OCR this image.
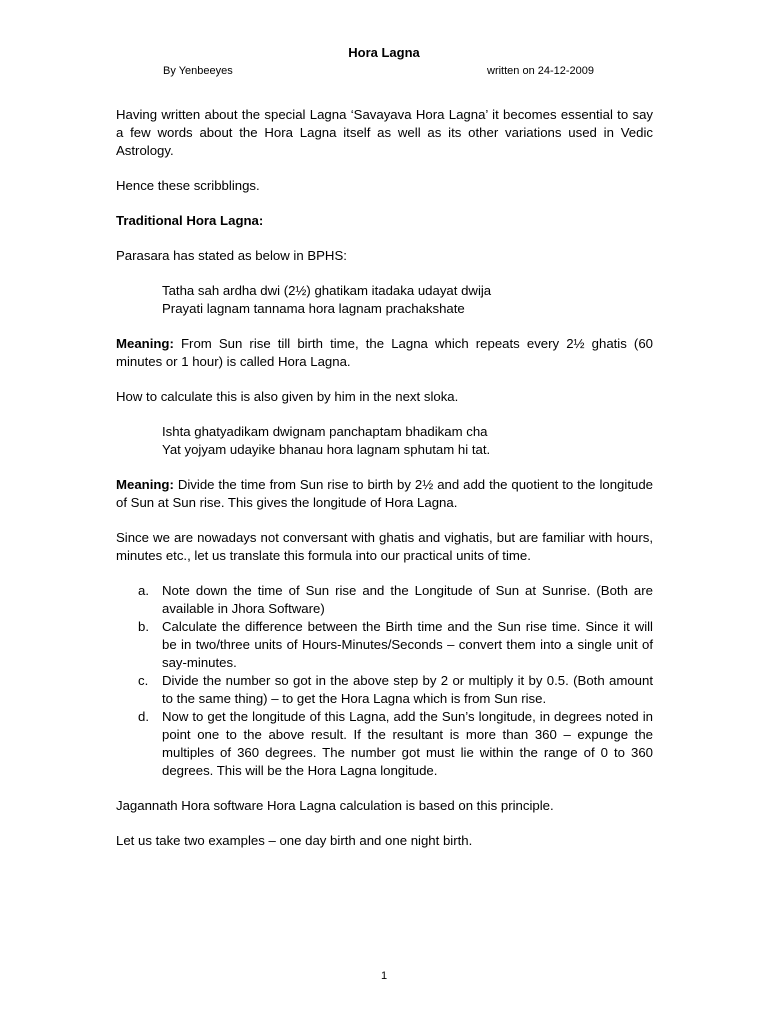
Hora Lagna
By Yenbeeyes	written on 24-12-2009

Having written about the special Lagna ‘Savayava Hora Lagna’ it becomes essential to say a few words about the Hora Lagna itself as well as its other variations used in Vedic Astrology.

Hence these scribblings.

Traditional Hora Lagna:

Parasara has stated as below in BPHS:

Tatha sah ardha dwi (2½) ghatikam itadaka udayat dwija
Prayati lagnam tannama hora lagnam prachakshate

Meaning: From Sun rise till birth time, the Lagna which repeats every 2½ ghatis (60 minutes or 1 hour) is called Hora Lagna.

How to calculate this is also given by him in the next sloka.

Ishta ghatyadikam dwignam panchaptam bhadikam cha
Yat yojyam udayike bhanau hora lagnam sphutam hi tat.

Meaning: Divide the time from Sun rise to birth by 2½ and add the quotient to the longitude of Sun at Sun rise. This gives the longitude of Hora Lagna.

Since we are nowadays not conversant with ghatis and vighatis, but are familiar with hours, minutes etc., let us translate this formula into our practical units of time.

a. Note down the time of Sun rise and the Longitude of Sun at Sunrise. (Both are available in Jhora Software)
b. Calculate the difference between the Birth time and the Sun rise time. Since it will be in two/three units of Hours-Minutes/Seconds – convert them into a single unit of say-minutes.
c. Divide the number so got in the above step by 2 or multiply it by 0.5. (Both amount to the same thing) – to get the Hora Lagna which is from Sun rise.
d. Now to get the longitude of this Lagna, add the Sun’s longitude, in degrees noted in point one to the above result. If the resultant is more than 360 – expunge the multiples of 360 degrees. The number got must lie within the range of 0 to 360 degrees. This will be the Hora Lagna longitude.

Jagannath Hora software Hora Lagna calculation is based on this principle.

Let us take two examples – one day birth and one night birth.

1
